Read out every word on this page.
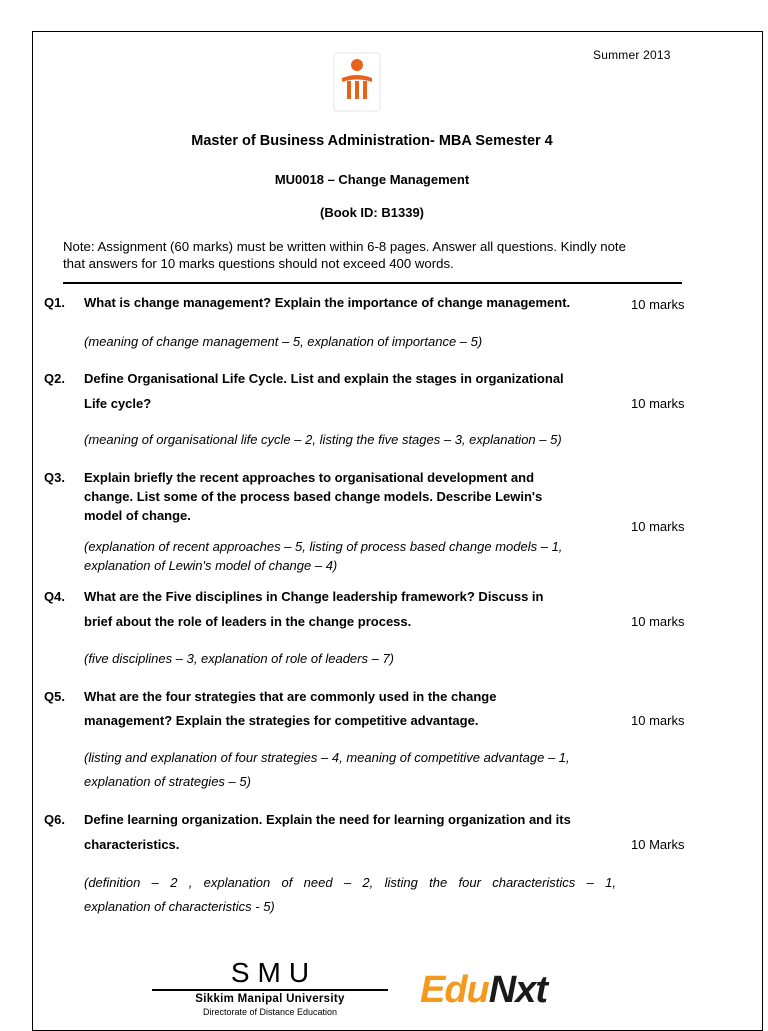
Summer 2013
Master of Business Administration- MBA Semester 4
MU0018 – Change Management
(Book ID: B1339)
Note: Assignment (60 marks) must be written within 6-8 pages. Answer all questions. Kindly note
that answers for 10 marks questions should not exceed 400 words.
Q1. What is change management? Explain the importance of change management.	10 marks
(meaning of change management – 5, explanation of importance – 5)
Q2. Define Organisational Life Cycle. List and explain the stages in organizational
Life cycle?	10 marks
(meaning of organisational life cycle – 2, listing the five stages – 3, explanation – 5)
Q3. Explain briefly the recent approaches to organisational development and
change. List some of the process based change models. Describe Lewin's
model of change.
10 marks
(explanation of recent approaches – 5, listing of process based change models – 1,
explanation of Lewin's model of change – 4)
Q4. What are the Five disciplines in Change leadership framework? Discuss in
brief about the role of leaders in the change process.	10 marks
(five disciplines – 3, explanation of role of leaders – 7)
Q5. What are the four strategies that are commonly used in the change
management? Explain the strategies for competitive advantage.	10 marks
(listing and explanation of four strategies – 4, meaning of competitive advantage – 1,
explanation of strategies – 5)
Q6. Define learning organization. Explain the need for learning organization and its
characteristics.	10 Marks
(definition – 2 , explanation of need – 2, listing the four characteristics – 1,
explanation of characteristics - 5)
SMU
Sikkim Manipal University
Directorate of Distance Education
EduNxt
